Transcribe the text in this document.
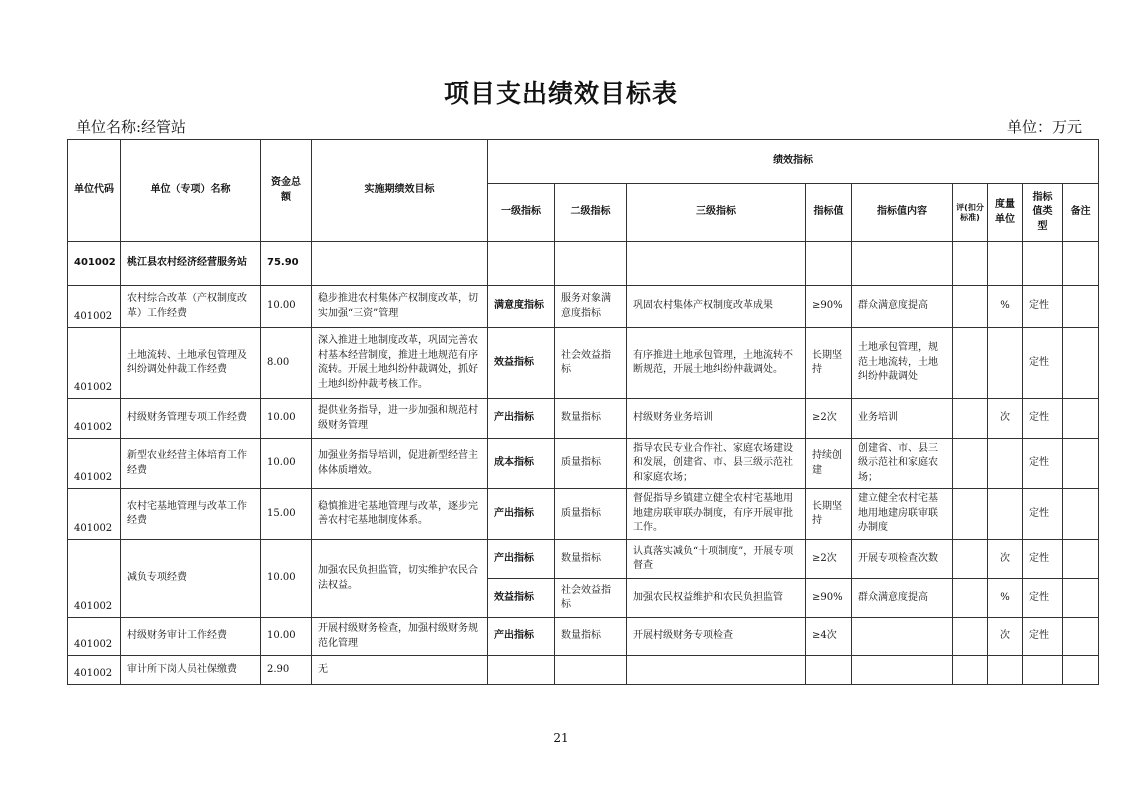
项目支出绩效目标表
单位名称:经管站	单位：万元
单位代码	单位（专项）名称	资金总额	实施期绩效目标	绩效指标								
				一级指标	二级指标	三级指标	指标值	指标值内容	评(扣分标准)	度量单位	指标值类型	备注
401002	桃江县农村经济经营服务站	75.90										
401002	农村综合改革（产权制度改革）工作经费	10.00	稳步推进农村集体产权制度改革，切实加强“三资”管理	满意度指标	服务对象满意度指标	巩固农村集体产权制度改革成果	≥90%	群众满意度提高		%	定性	
401002	土地流转、土地承包管理及纠纷调处仲裁工作经费	8.00	深入推进土地制度改革，巩固完善农村基本经营制度，推进土地规范有序流转。开展土地纠纷仲裁调处，抓好土地纠纷仲裁考核工作。	效益指标	社会效益指标	有序推进土地承包管理，土地流转不断规范，开展土地纠纷仲裁调处。	长期坚持	土地承包管理，规范土地流转，土地纠纷仲裁调处			定性	
401002	村级财务管理专项工作经费	10.00	提供业务指导，进一步加强和规范村级财务管理	产出指标	数量指标	村级财务业务培训	≥2次	业务培训		次	定性	
401002	新型农业经营主体培育工作经费	10.00	加强业务指导培训，促进新型经营主体体质增效。	成本指标	质量指标	指导农民专业合作社、家庭农场建设和发展，创建省、市、县三级示范社和家庭农场；	持续创建	创建省、市、县三级示范社和家庭农场；			定性	
401002	农村宅基地管理与改革工作经费	15.00	稳慎推进宅基地管理与改革，逐步完善农村宅基地制度体系。	产出指标	质量指标	督促指导乡镇建立健全农村宅基地用地建房联审联办制度，有序开展审批工作。	长期坚持	建立健全农村宅基地用地建房联审联办制度			定性	
401002	减负专项经费	10.00	加强农民负担监管，切实维护农民合法权益。	产出指标	数量指标	认真落实减负“十项制度”，开展专项督查	≥2次	开展专项检查次数		次	定性	
				效益指标	社会效益指标	加强农民权益维护和农民负担监管	≥90%	群众满意度提高		%	定性	
401002	村级财务审计工作经费	10.00	开展村级财务检查，加强村级财务规范化管理	产出指标	数量指标	开展村级财务专项检查	≥4次			次	定性	
401002	审计所下岗人员社保缴费	2.90	无									
21
